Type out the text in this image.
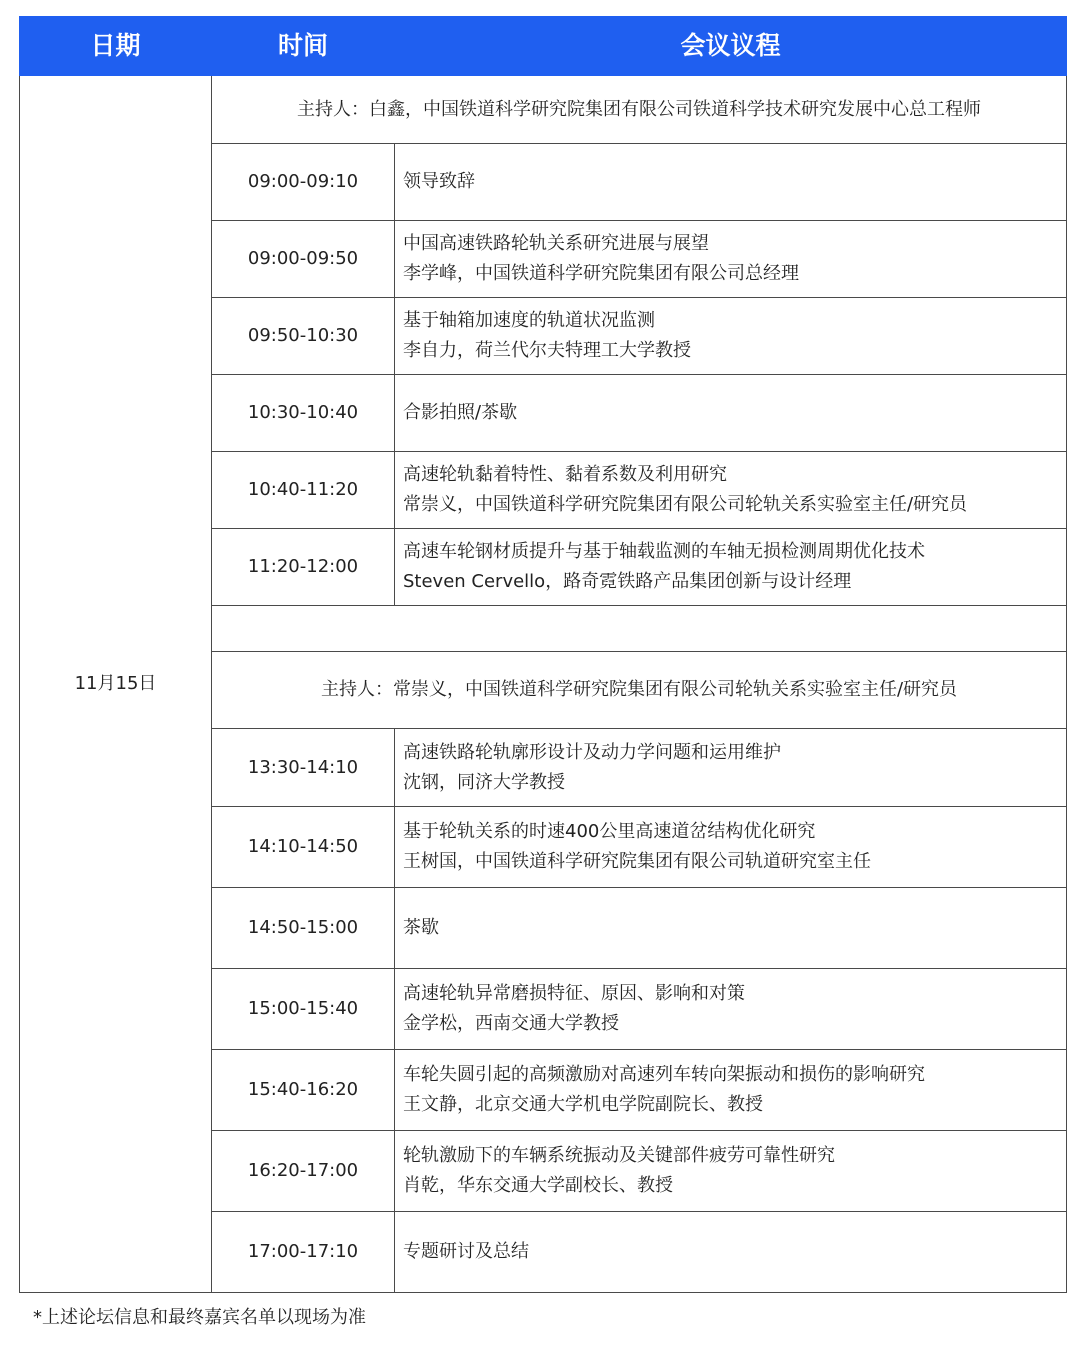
日期	时间	会议议程
11月15日	主持人：白鑫，中国铁道科学研究院集团有限公司铁道科学技术研究发展中心总工程师	
	09:00-09:10	领导致辞

	09:00-09:50	中国高速铁路轮轨关系研究进展与展望
李学峰，中国铁道科学研究院集团有限公司总经理

	09:50-10:30	基于轴箱加速度的轨道状况监测
李自力，荷兰代尔夫特理工大学教授

	10:30-10:40	合影拍照/茶歇

	10:40-11:20	高速轮轨黏着特性、黏着系数及利用研究
常崇义，中国铁道科学研究院集团有限公司轮轨关系实验室主任/研究员

	11:20-12:00	高速车轮钢材质提升与基于轴载监测的车轴无损检测周期优化技术
Steven Cervello，路奇霓铁路产品集团创新与设计经理

	主持人：常崇义，中国铁道科学研究院集团有限公司轮轨关系实验室主任/研究员	
	13:30-14:10	高速铁路轮轨廓形设计及动力学问题和运用维护
沈钢，同济大学教授

	14:10-14:50	基于轮轨关系的时速400公里高速道岔结构优化研究
王树国，中国铁道科学研究院集团有限公司轨道研究室主任

	14:50-15:00	茶歇

	15:00-15:40	高速轮轨异常磨损特征、原因、影响和对策
金学松，西南交通大学教授

	15:40-16:20	车轮失圆引起的高频激励对高速列车转向架振动和损伤的影响研究
王文静，北京交通大学机电学院副院长、教授

	16:20-17:00	轮轨激励下的车辆系统振动及关键部件疲劳可靠性研究
肖乾，华东交通大学副校长、教授

	17:00-17:10	专题研讨及总结
*上述论坛信息和最终嘉宾名单以现场为准
